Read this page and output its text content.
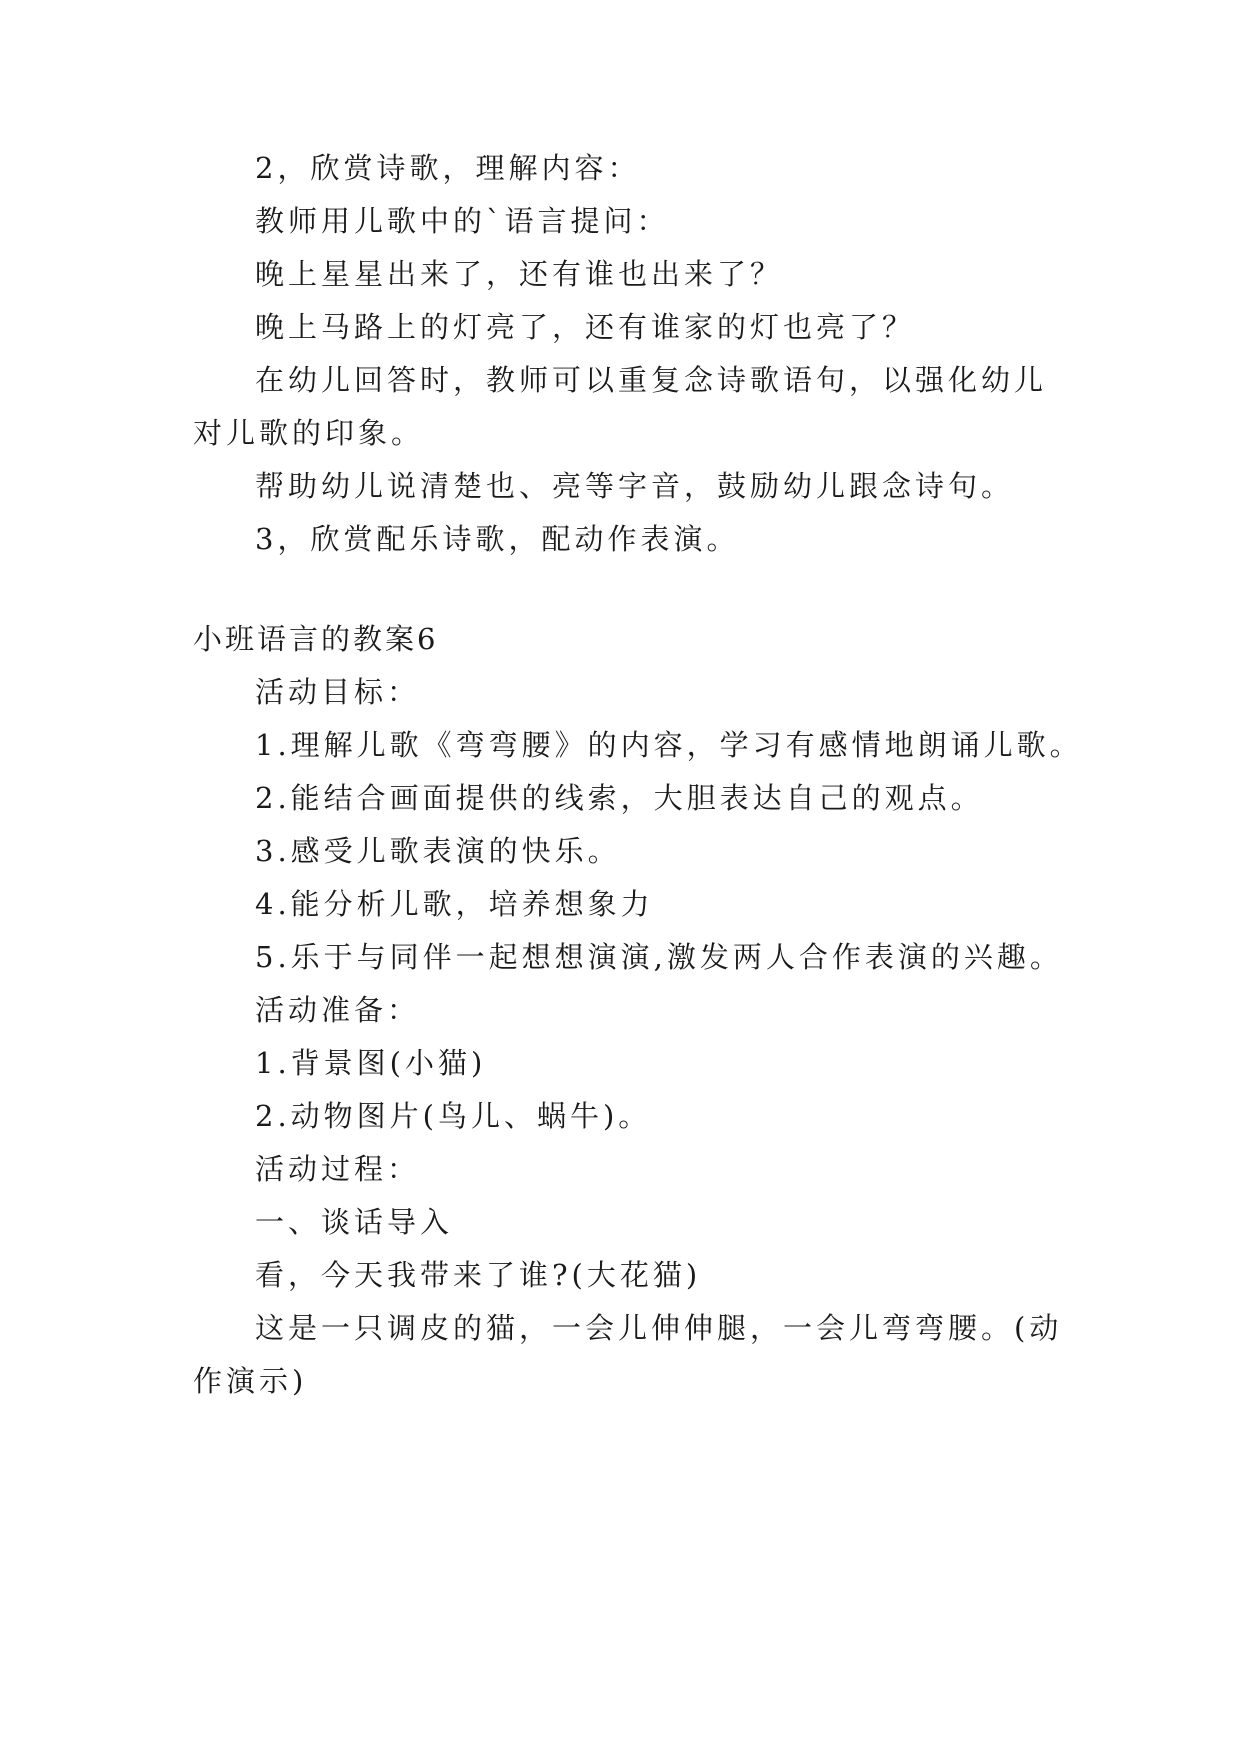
2，欣赏诗歌，理解内容：
教师用儿歌中的`语言提问：
晚上星星出来了，还有谁也出来了？
晚上马路上的灯亮了，还有谁家的灯也亮了？
在幼儿回答时，教师可以重复念诗歌语句，以强化幼儿
对儿歌的印象。
帮助幼儿说清楚也、亮等字音，鼓励幼儿跟念诗句。
3，欣赏配乐诗歌，配动作表演。
小班语言的教案6
活动目标：
1.理解儿歌《弯弯腰》的内容，学习有感情地朗诵儿歌。
2.能结合画面提供的线索，大胆表达自己的观点。
3.感受儿歌表演的快乐。
4.能分析儿歌，培养想象力
5.乐于与同伴一起想想演演,激发两人合作表演的兴趣。
活动准备：
1.背景图(小猫)
2.动物图片(鸟儿、蜗牛)。
活动过程：
一、谈话导入
看，今天我带来了谁?(大花猫)
这是一只调皮的猫，一会儿伸伸腿，一会儿弯弯腰。(动
作演示)
